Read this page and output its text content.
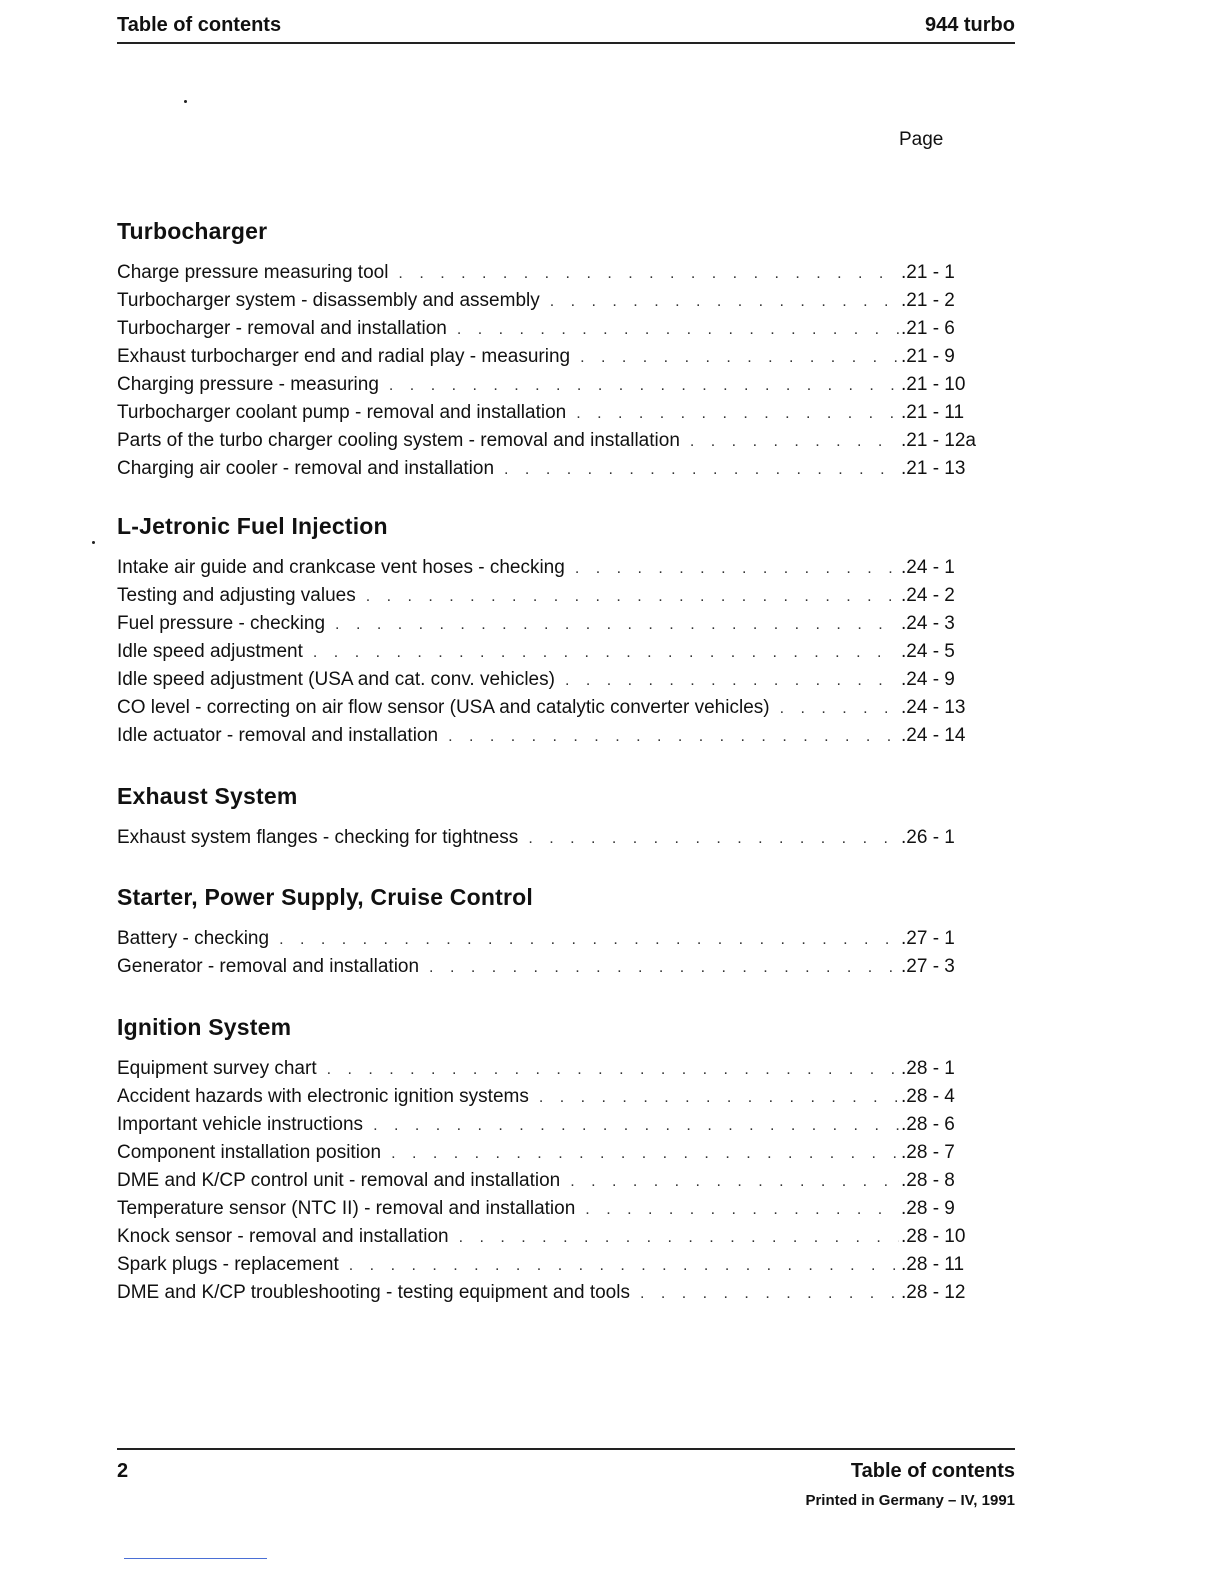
Table of contents	944 turbo
Page
Turbocharger
Charge pressure measuring tool . . .	.21 - 1
Turbocharger system - disassembly and assembly . . .	.21 - 2
Turbocharger - removal and installation . . .	.21 - 6
Exhaust turbocharger end and radial play - measuring . . .	.21 - 9
Charging pressure - measuring . . .	.21 - 10
Turbocharger coolant pump - removal and installation . . .	.21 - 11
Parts of the turbo charger cooling system - removal and installation . . .	.21 - 12a
Charging air cooler - removal and installation . . .	.21 - 13
L-Jetronic Fuel Injection
Intake air guide and crankcase vent hoses - checking . . .	.24 - 1
Testing and adjusting values . . .	.24 - 2
Fuel pressure - checking . . .	.24 - 3
Idle speed adjustment . . .	.24 - 5
Idle speed adjustment (USA and cat. conv. vehicles) . . .	.24 - 9
CO level - correcting on air flow sensor (USA and catalytic converter vehicles) . . .	.24 - 13
Idle actuator - removal and installation . . .	.24 - 14
Exhaust System
Exhaust system flanges - checking for tightness . . .	.26 - 1
Starter, Power Supply, Cruise Control
Battery - checking . . .	.27 - 1
Generator - removal and installation . . .	.27 - 3
Ignition System
Equipment survey chart . . .	.28 - 1
Accident hazards with electronic ignition systems . . .	.28 - 4
Important vehicle instructions . . .	.28 - 6
Component installation position . . .	.28 - 7
DME and K/CP control unit - removal and installation . . .	.28 - 8
Temperature sensor (NTC II) - removal and installation . . .	.28 - 9
Knock sensor - removal and installation . . .	.28 - 10
Spark plugs - replacement . . .	.28 - 11
DME and K/CP troubleshooting - testing equipment and tools . . .	.28 - 12
2	Table of contents
Printed in Germany – IV, 1991
